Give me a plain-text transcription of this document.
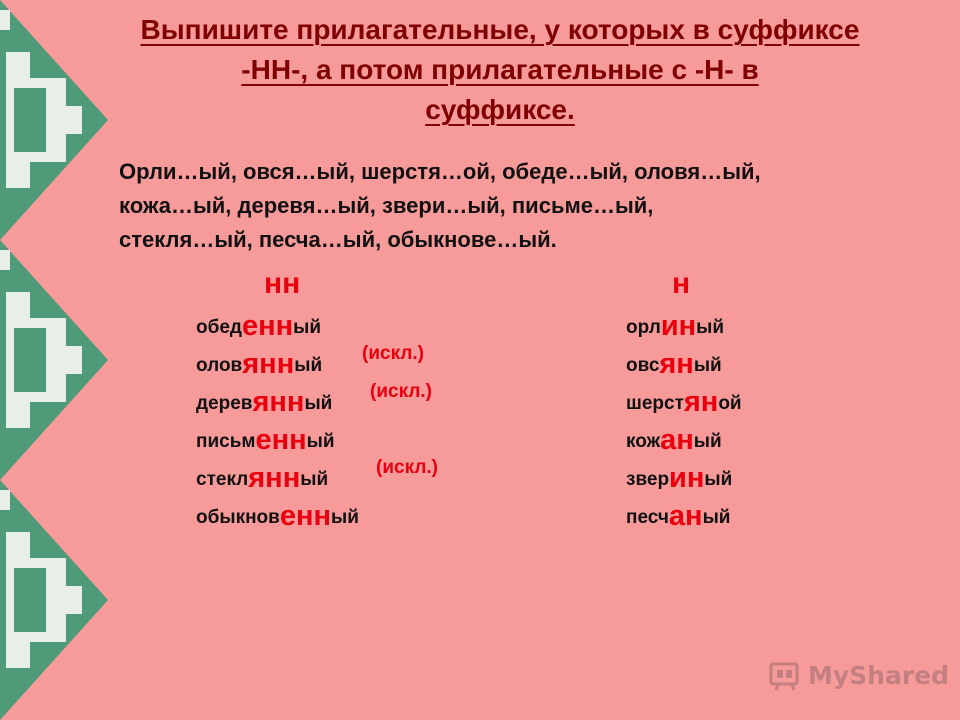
Выпишите прилагательные, у которых в суффиксе
-НН-, а потом прилагательные с -Н- в
суффиксе.

Орли…ый, овся…ый, шерстя…ой, обеде…ый, оловя…ый,
кожа…ый, деревя…ый, звери…ый, письме…ый,
стекля…ый, песча…ый, обыкнове…ый.

нн	н
обеденный
оловянный
(искл.)
деревянный
(искл.)
письменный
стеклянный
(искл.)
обыкновенный
орлиный
овсяный
шерстяной
кожаный
звериный
песчаный
MyShared
